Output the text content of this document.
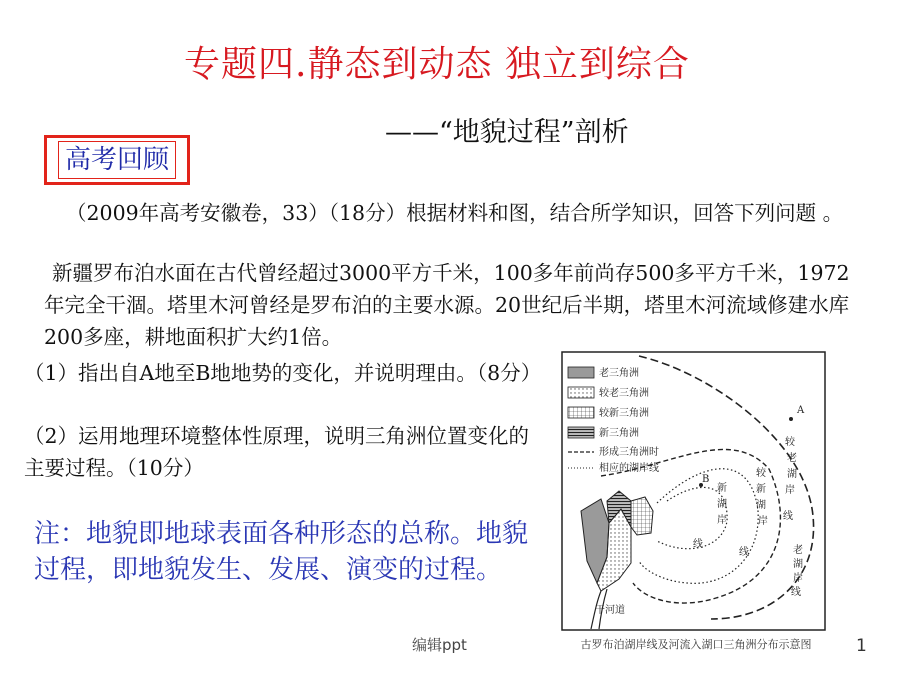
专题四.静态到动态 独立到综合
——“地貌过程”剖析
高考回顾
（2009年高考安徽卷，33）（18分）根据材料和图，结合所学知识，回答下列问题 。
新疆罗布泊水面在古代曾经超过3000平方千米，100多年前尚存500多平方千米，1972年完全干涸。塔里木河曾经是罗布泊的主要水源。20世纪后半期，塔里木河流域修建水库200多座，耕地面积扩大约1倍。
（1）指出自A地至B地地势的变化，并说明理由。（8分）
（2）运用地理环境整体性原理，说明三角洲位置变化的主要过程。（10分）
注：地貌即地球表面各种形态的总称。地貌过程，即地貌发生、发展、演变的过程。
老三角洲
较老三角洲
较新三角洲
新三角洲
形成三角洲时
相应的湖岸线
A
B
老
湖
岸
线
较
老
湖
岸
线
较
新
湖
岸
线
新
湖
岸
线
干河道
古罗布泊湖岸线及河流入湖口三角洲分布示意图
编辑ppt	1
